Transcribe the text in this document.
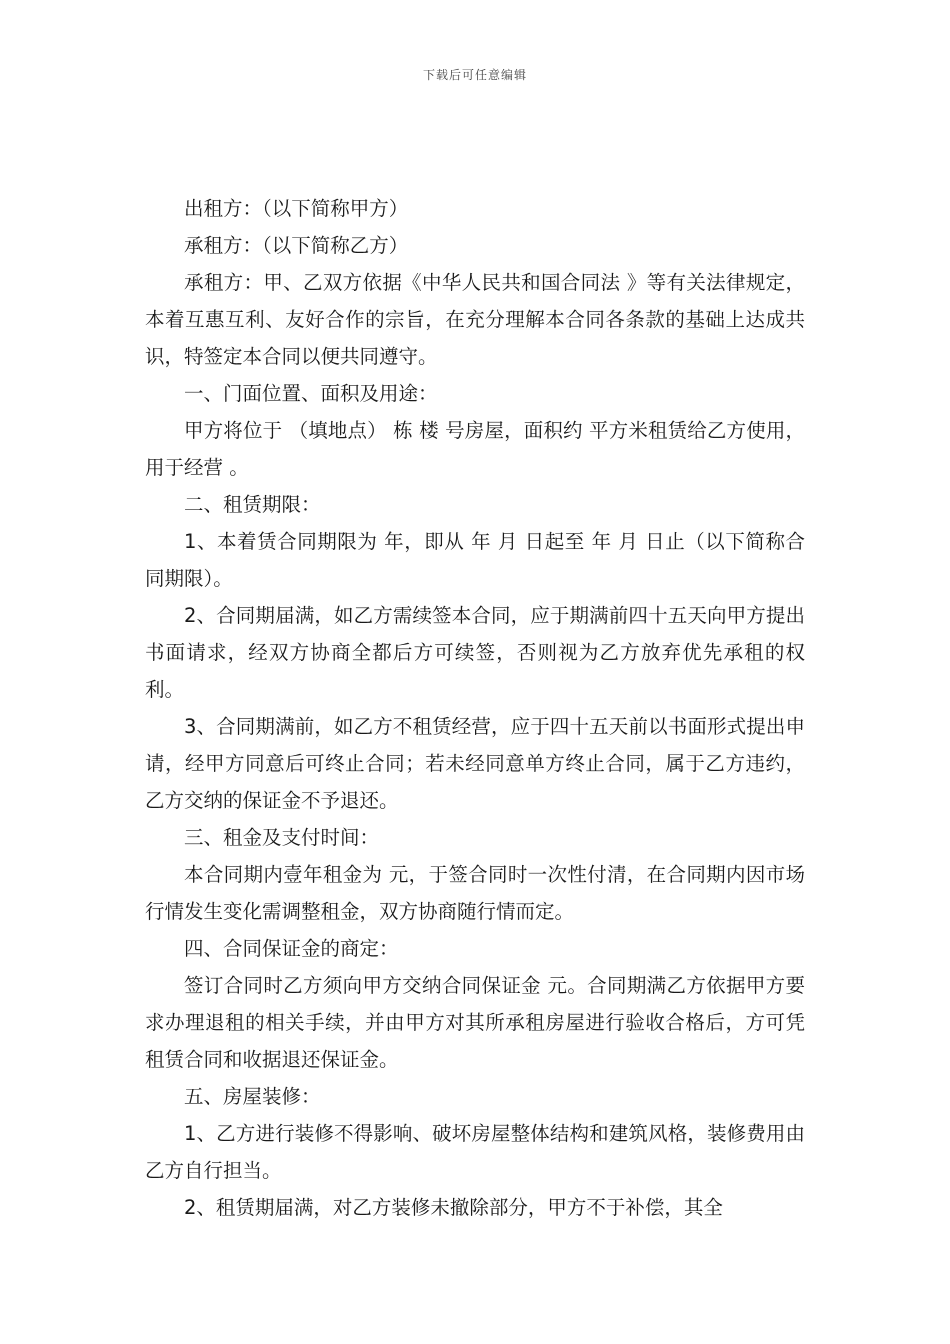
下载后可任意编辑

出租方：（以下简称甲方）

承租方：（以下简称乙方）

承租方：甲、乙双方依据《中华人民共和国合同法 》等有关法律规定，本着互惠互利、友好合作的宗旨，在充分理解本合同各条款的基础上达成共识，特签定本合同以便共同遵守。

一、门面位置、面积及用途：

甲方将位于 （填地点） 栋 楼 号房屋，面积约 平方米租赁给乙方使用，用于经营 。

二、租赁期限：

1、本着赁合同期限为 年，即从 年 月 日起至 年 月 日止（以下简称合同期限）。

2、合同期届满，如乙方需续签本合同，应于期满前四十五天向甲方提出书面请求，经双方协商全都后方可续签，否则视为乙方放弃优先承租的权利。

3、合同期满前，如乙方不租赁经营，应于四十五天前以书面形式提出申请，经甲方同意后可终止合同；若未经同意单方终止合同，属于乙方违约，乙方交纳的保证金不予退还。

三、租金及支付时间：

本合同期内壹年租金为 元，于签合同时一次性付清，在合同期内因市场行情发生变化需调整租金，双方协商随行情而定。

四、合同保证金的商定：

签订合同时乙方须向甲方交纳合同保证金 元。合同期满乙方依据甲方要求办理退租的相关手续，并由甲方对其所承租房屋进行验收合格后，方可凭租赁合同和收据退还保证金。

五、房屋装修：

1、乙方进行装修不得影响、破坏房屋整体结构和建筑风格，装修费用由乙方自行担当。

2、租赁期届满，对乙方装修未撤除部分，甲方不于补偿，其全
